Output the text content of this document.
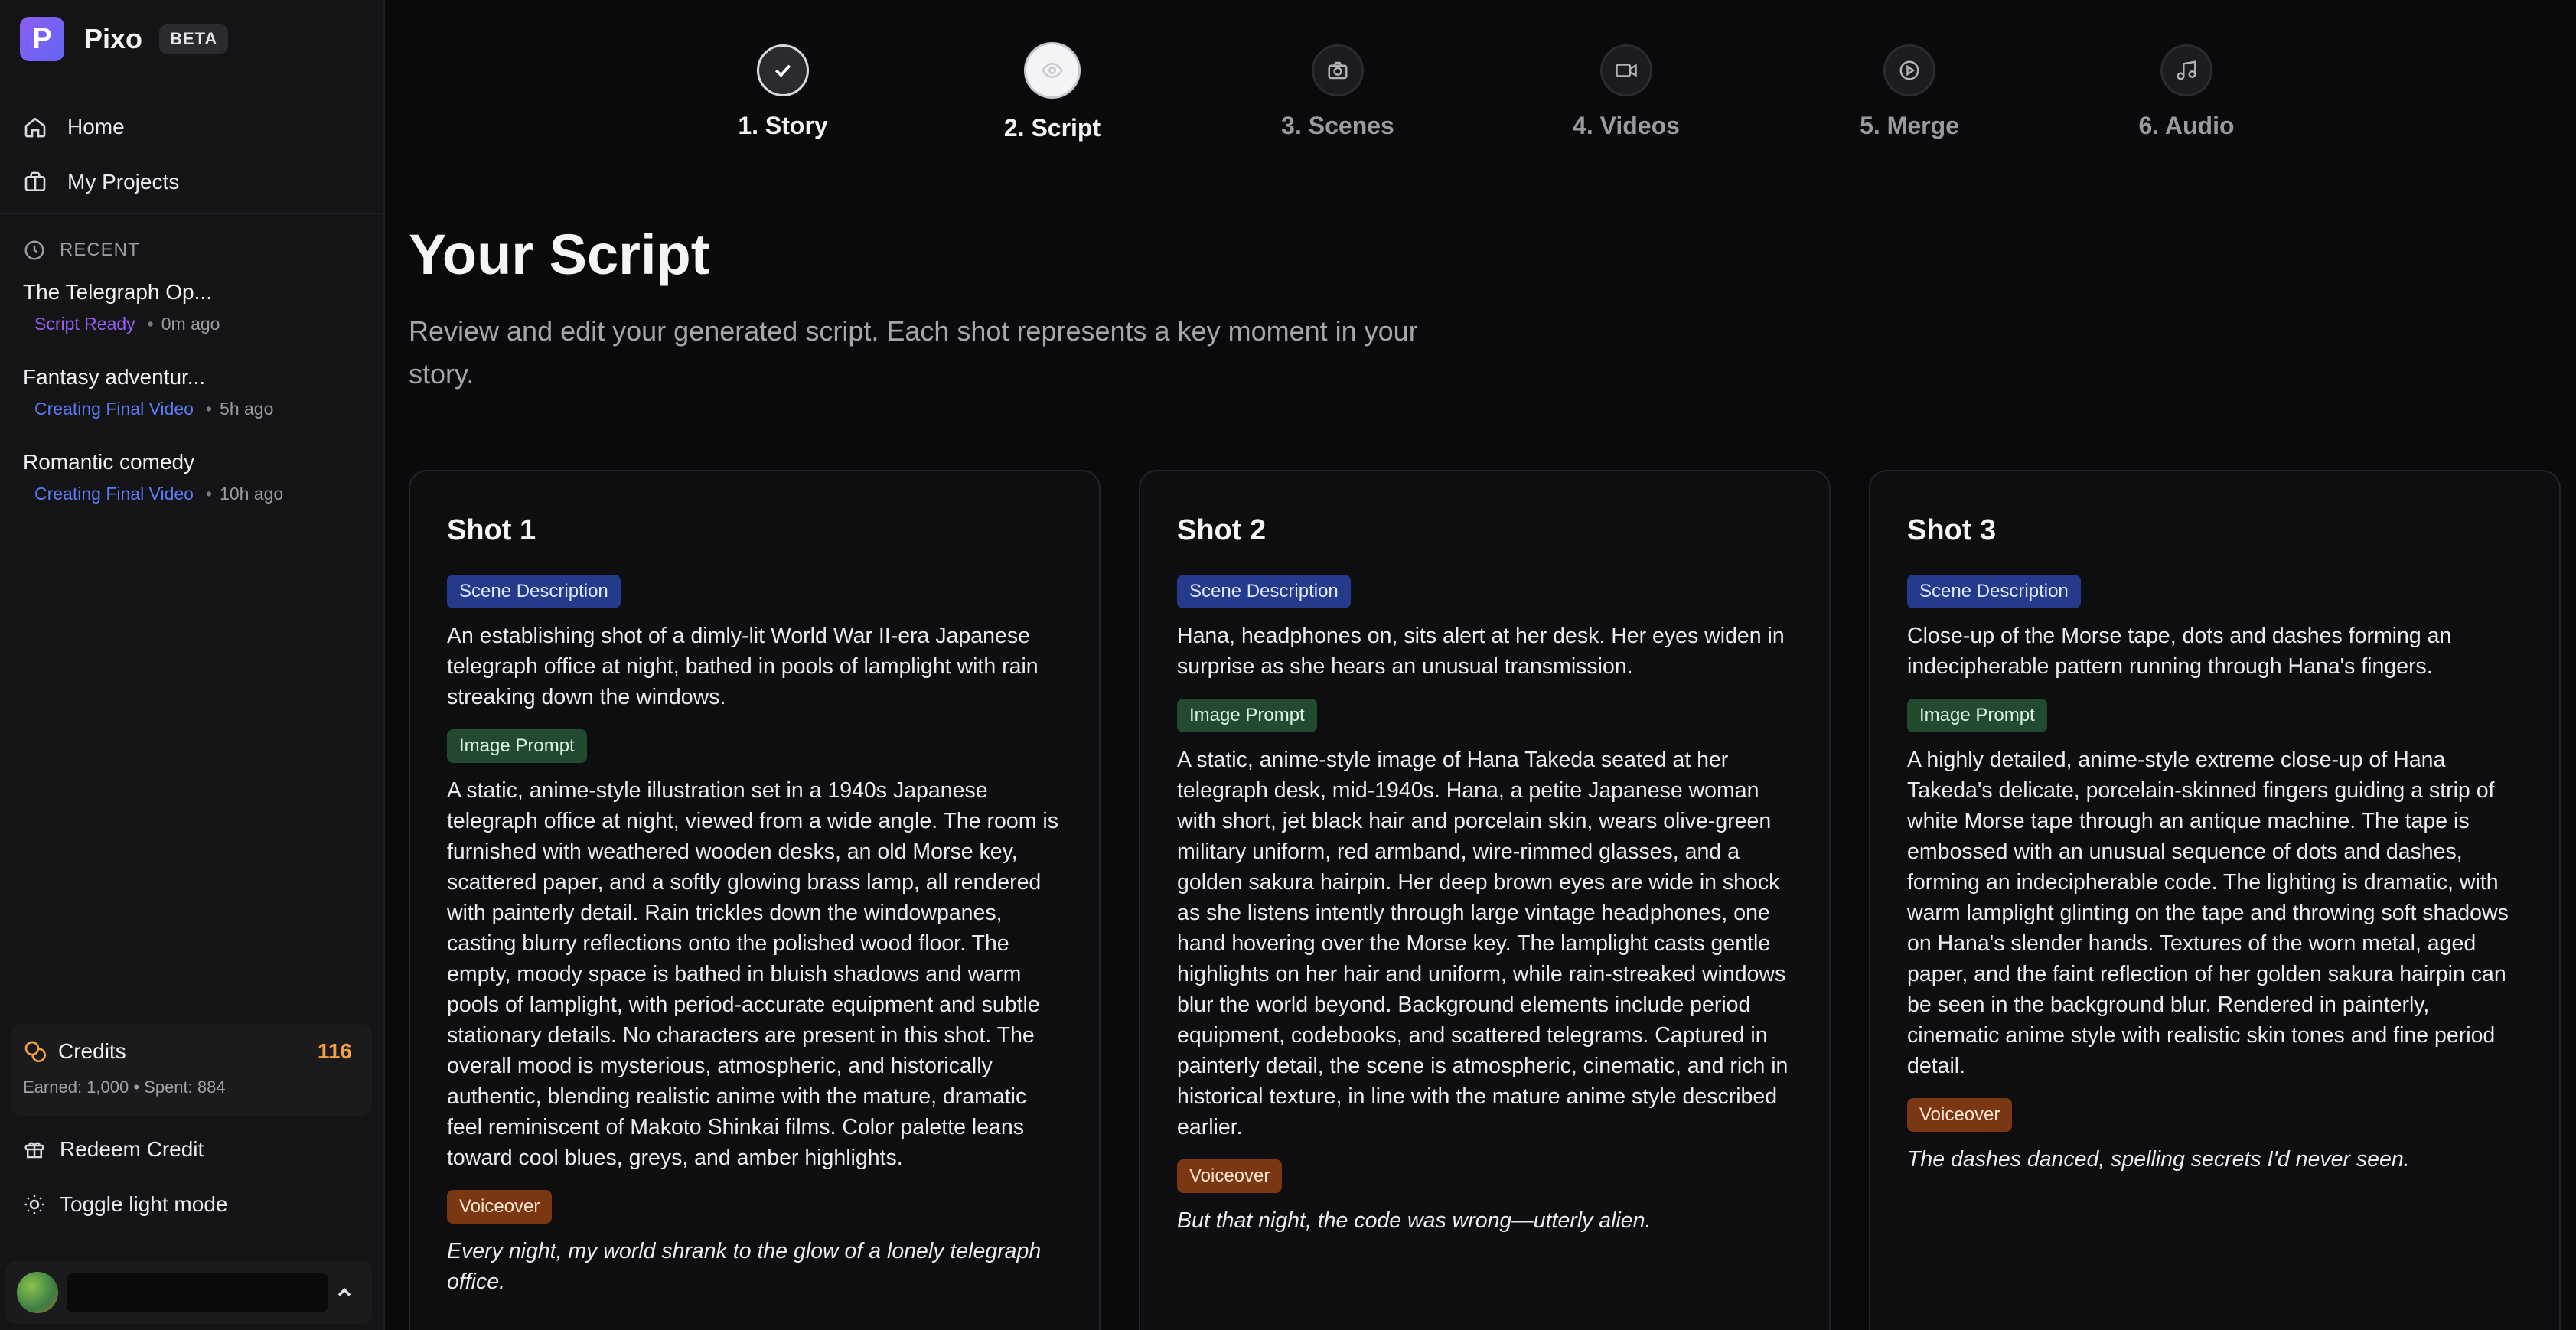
P	Pixo	BETA
Home
My Projects
RECENT
The Telegraph Op...
Script Ready • 0m ago
Fantasy adventur...
Creating Final Video • 5h ago
Romantic comedy
Creating Final Video • 10h ago
Credits	116
Earned: 1,000 • Spent: 884
Redeem Credit
Toggle light mode
1. Story	2. Script	3. Scenes	4. Videos	5. Merge	6. Audio
Your Script

Review and edit your generated script. Each shot represents a key moment in your story.

Shot 1
Scene Description

An establishing shot of a dimly-lit World War II-era Japanese telegraph office at night, bathed in pools of lamplight with rain streaking down the windows.

Image Prompt

A static, anime-style illustration set in a 1940s Japanese telegraph office at night, viewed from a wide angle. The room is furnished with weathered wooden desks, an old Morse key, scattered paper, and a softly glowing brass lamp, all rendered with painterly detail. Rain trickles down the windowpanes, casting blurry reflections onto the polished wood floor. The empty, moody space is bathed in bluish shadows and warm pools of lamplight, with period-accurate equipment and subtle stationary details. No characters are present in this shot. The overall mood is mysterious, atmospheric, and historically authentic, blending realistic anime with the mature, dramatic feel reminiscent of Makoto Shinkai films. Color palette leans toward cool blues, greys, and amber highlights.

Voiceover

Every night, my world shrank to the glow of a lonely telegraph office.

Shot 2
Scene Description

Hana, headphones on, sits alert at her desk. Her eyes widen in surprise as she hears an unusual transmission.

Image Prompt

A static, anime-style image of Hana Takeda seated at her telegraph desk, mid-1940s. Hana, a petite Japanese woman with short, jet black hair and porcelain skin, wears olive-green military uniform, red armband, wire-rimmed glasses, and a golden sakura hairpin. Her deep brown eyes are wide in shock as she listens intently through large vintage headphones, one hand hovering over the Morse key. The lamplight casts gentle highlights on her hair and uniform, while rain-streaked windows blur the world beyond. Background elements include period equipment, codebooks, and scattered telegrams. Captured in painterly detail, the scene is atmospheric, cinematic, and rich in historical texture, in line with the mature anime style described earlier.

Voiceover

But that night, the code was wrong—utterly alien.

Shot 3
Scene Description

Close-up of the Morse tape, dots and dashes forming an indecipherable pattern running through Hana's fingers.

Image Prompt

A highly detailed, anime-style extreme close-up of Hana Takeda's delicate, porcelain-skinned fingers guiding a strip of white Morse tape through an antique machine. The tape is embossed with an unusual sequence of dots and dashes, forming an indecipherable code. The lighting is dramatic, with warm lamplight glinting on the tape and throwing soft shadows on Hana's slender hands. Textures of the worn metal, aged paper, and the faint reflection of her golden sakura hairpin can be seen in the background blur. Rendered in painterly, cinematic anime style with realistic skin tones and fine period detail.

Voiceover

The dashes danced, spelling secrets I'd never seen.
